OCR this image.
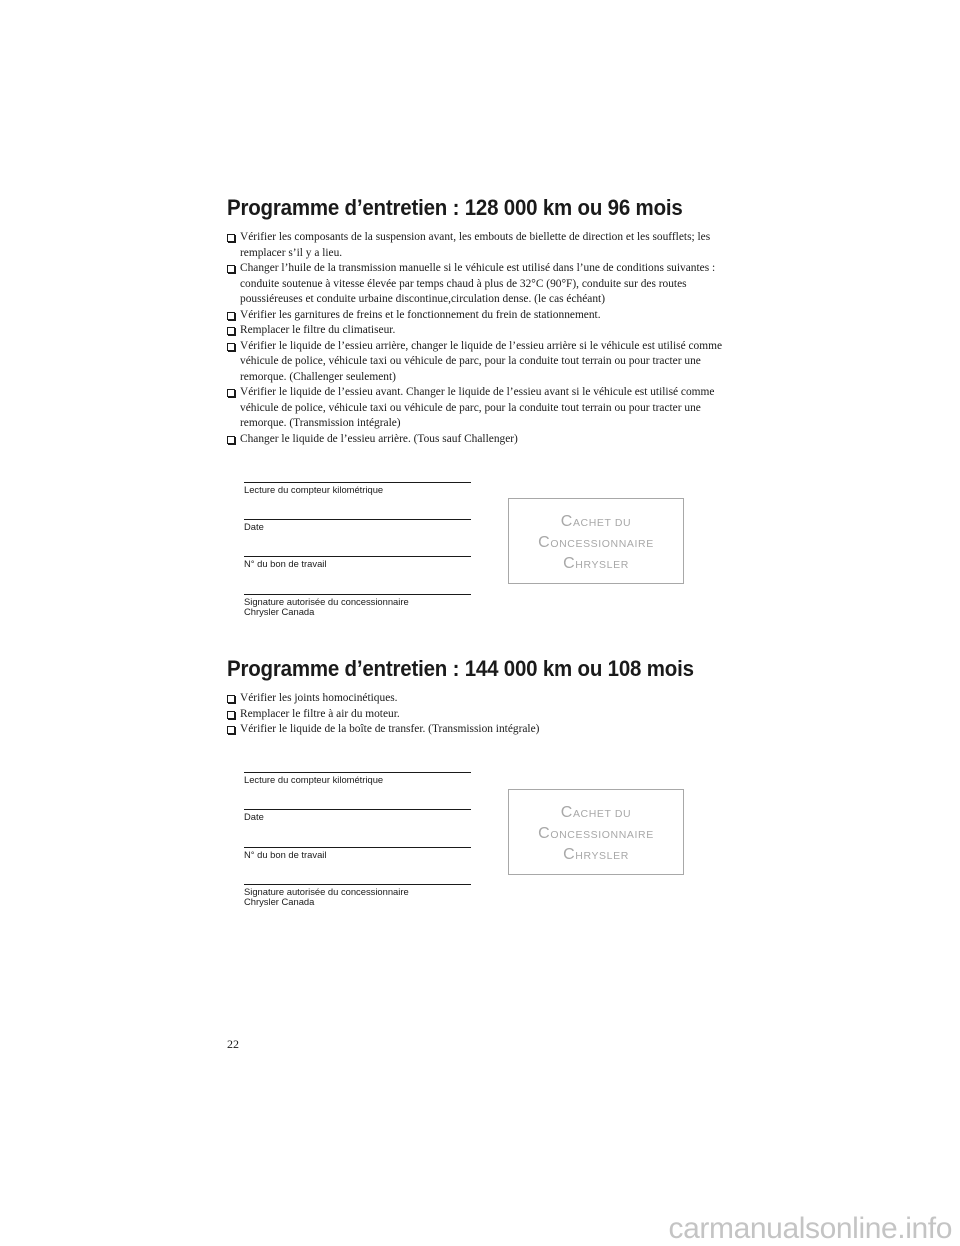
Programme d’entretien : 128 000 km ou 96 mois
Vérifier les composants de la suspension avant, les embouts de biellette de direction et les soufflets; les remplacer s’il y a lieu.
Changer l’huile de la transmission manuelle si le véhicule est utilisé dans l’une de conditions suivantes : conduite soutenue à vitesse élevée par temps chaud à plus de 32°C (90°F), conduite sur des routes poussiéreuses et conduite urbaine discontinue,circulation dense. (le cas échéant)
Vérifier les garnitures de freins et le fonctionnement du frein de stationnement.
Remplacer le filtre du climatiseur.
Vérifier le liquide de l’essieu arrière, changer le liquide de l’essieu arrière si le véhicule est utilisé comme véhicule de police, véhicule taxi ou véhicule de parc, pour la conduite tout terrain ou pour tracter une remorque. (Challenger seulement)
Vérifier le liquide de l’essieu avant. Changer le liquide de l’essieu avant si le véhicule est utilisé comme véhicule de police, véhicule taxi ou véhicule de parc, pour la conduite tout terrain ou pour tracter une remorque. (Transmission intégrale)
Changer le liquide de l’essieu arrière. (Tous sauf Challenger)
Lecture du compteur kilométrique
Date
N° du bon de travail
Signature autorisée du concessionnaire
Chrysler Canada
CACHET DU
CONCESSIONNAIRE
CHRYSLER
Programme d’entretien : 144 000 km ou 108 mois
Vérifier les joints homocinétiques.
Remplacer le filtre à air du moteur.
Vérifier le liquide de la boîte de transfer. (Transmission intégrale)
Lecture du compteur kilométrique
Date
N° du bon de travail
Signature autorisée du concessionnaire
Chrysler Canada
CACHET DU
CONCESSIONNAIRE
CHRYSLER
22
carmanualsonline.info
